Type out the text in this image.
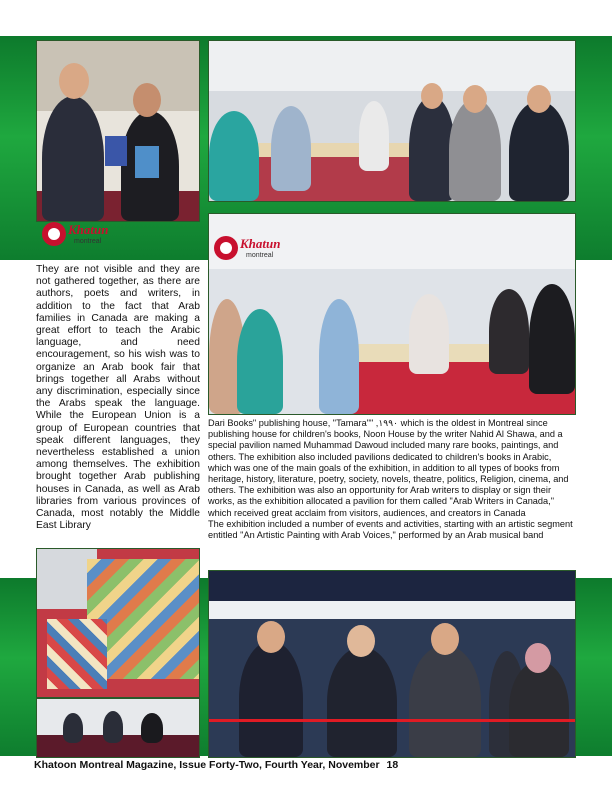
Khatun
montreal	Khatun
montreal

They are not visible and they are not gathered together, as there are authors, poets and writers, in addition to the fact that Arab families in Canada are making a great effort to teach the Arabic language, and need encouragement, so his wish was to organize an Arab book fair that brings together all Arabs without any discrimination, especially since the Arabs speak the language. While the European Union is a group of European countries that speak different languages, they nevertheless established a union among themselves. The exhibition brought together Arab publishing houses in Canada, as well as Arab libraries from various provinces of Canada, most notably the Middle East Library

Dari Books" publishing house, "Tamara"" ,١٩٩٠ which is the oldest in Montreal since publishing house for children's books, Noon House by the writer Nahid Al Shawa, and a special pavilion named Muhammad Dawoud included many rare books, paintings, and others. The exhibition also included pavilions dedicated to children's books in Arabic, which was one of the main goals of the exhibition, in addition to all types of books from heritage, history, literature, poetry, society, novels, theatre, politics, Religion, cinema, and others. The exhibition was also an opportunity for Arab writers to display or sign their works, as the exhibition allocated a pavilion for them called "Arab Writers in Canada," which received great acclaim from visitors, audiences, and creators in Canada

The exhibition included a number of events and activities, starting with an artistic segment entitled "An Artistic Painting with Arab Voices," performed by an Arab musical band

Khatoon Montreal Magazine, Issue Forty-Two, Fourth Year, November 18
